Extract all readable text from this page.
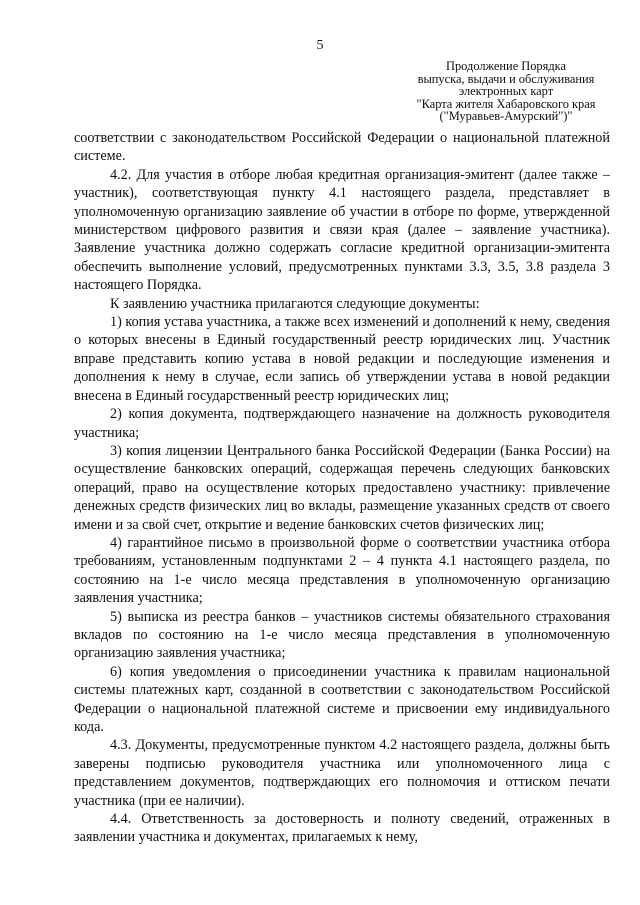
5
Продолжение Порядка
выпуска, выдачи и обслуживания
электронных карт
"Карта жителя Хабаровского края
("Муравьев-Амурский")"

соответствии с законодательством Российской Федерации о национальной платежной системе.

4.2. Для участия в отборе любая кредитная организация-эмитент (далее также – участник), соответствующая пункту 4.1 настоящего раздела, представляет в уполномоченную организацию заявление об участии в отборе по форме, утвержденной министерством цифрового развития и связи края (далее – заявление участника). Заявление участника должно содержать согласие кредитной организации-эмитента обеспечить выполнение условий, предусмотренных пунктами 3.3, 3.5, 3.8 раздела 3 настоящего Порядка.

К заявлению участника прилагаются следующие документы:

1) копия устава участника, а также всех изменений и дополнений к нему, сведения о которых внесены в Единый государственный реестр юридических лиц. Участник вправе представить копию устава в новой редакции и последующие изменения и дополнения к нему в случае, если запись об утверждении устава в новой редакции внесена в Единый государственный реестр юридических лиц;

2) копия документа, подтверждающего назначение на должность руководителя участника;

3) копия лицензии Центрального банка Российской Федерации (Банка России) на осуществление банковских операций, содержащая перечень следующих банковских операций, право на осуществление которых предоставлено участнику: привлечение денежных средств физических лиц во вклады, размещение указанных средств от своего имени и за свой счет, открытие и ведение банковских счетов физических лиц;

4) гарантийное письмо в произвольной форме о соответствии участника отбора требованиям, установленным подпунктами 2 – 4 пункта 4.1 настоящего раздела, по состоянию на 1-е число месяца представления в уполномоченную организацию заявления участника;

5) выписка из реестра банков – участников системы обязательного страхования вкладов по состоянию на 1-е число месяца представления в уполномоченную организацию заявления участника;

6) копия уведомления о присоединении участника к правилам национальной системы платежных карт, созданной в соответствии с законодательством Российской Федерации о национальной платежной системе и присвоении ему индивидуального кода.

4.3. Документы, предусмотренные пунктом 4.2 настоящего раздела, должны быть заверены подписью руководителя участника или уполномоченного лица с представлением документов, подтверждающих его полномочия и оттиском печати участника (при ее наличии).

4.4. Ответственность за достоверность и полноту сведений, отраженных в заявлении участника и документах, прилагаемых к нему,
